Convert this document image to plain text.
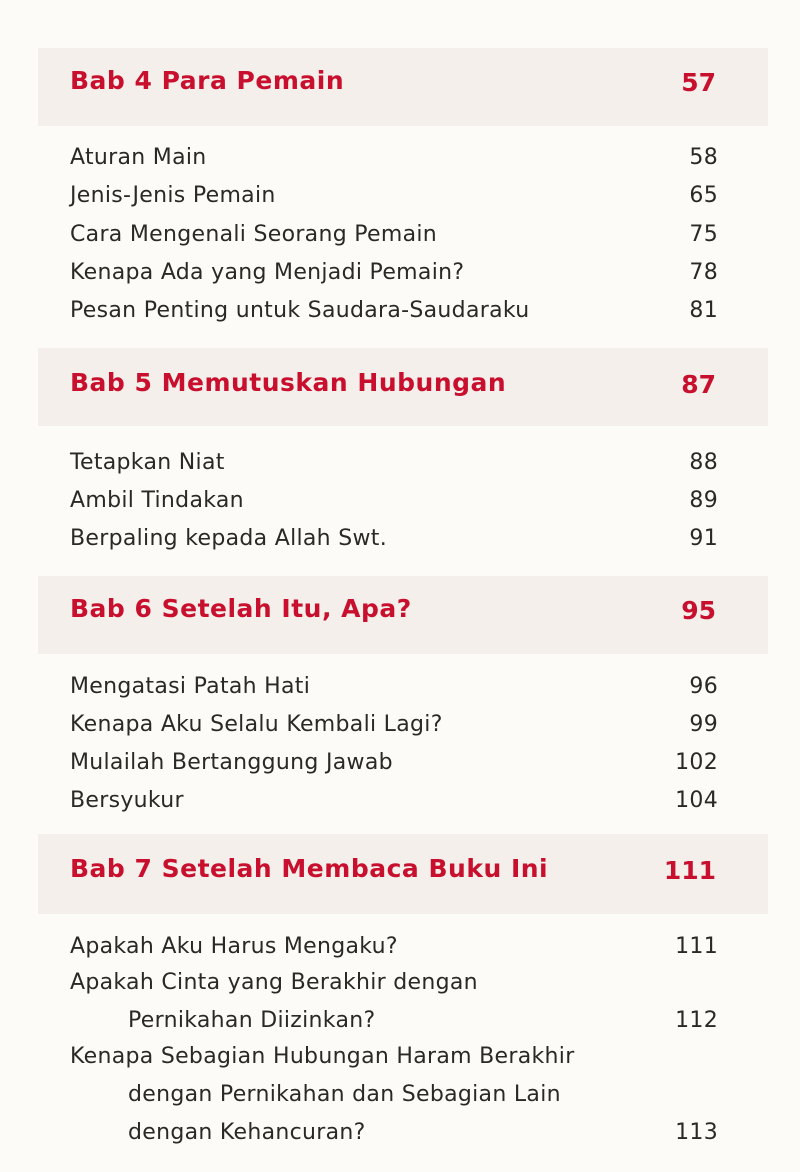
Bab 4 Para Pemain	57
Aturan Main	58
Jenis-Jenis Pemain	65
Cara Mengenali Seorang Pemain	75
Kenapa Ada yang Menjadi Pemain?	78
Pesan Penting untuk Saudara-Saudaraku	81
Bab 5 Memutuskan Hubungan	87
Tetapkan Niat	88
Ambil Tindakan	89
Berpaling kepada Allah Swt.	91
Bab 6 Setelah Itu, Apa?	95
Mengatasi Patah Hati	96
Kenapa Aku Selalu Kembali Lagi?	99
Mulailah Bertanggung Jawab	102
Bersyukur	104
Bab 7 Setelah Membaca Buku Ini	111
Apakah Aku Harus Mengaku?	111
Apakah Cinta yang Berakhir dengan
Pernikahan Diizinkan?	112
Kenapa Sebagian Hubungan Haram Berakhir
dengan Pernikahan dan Sebagian Lain
dengan Kehancuran?	113
